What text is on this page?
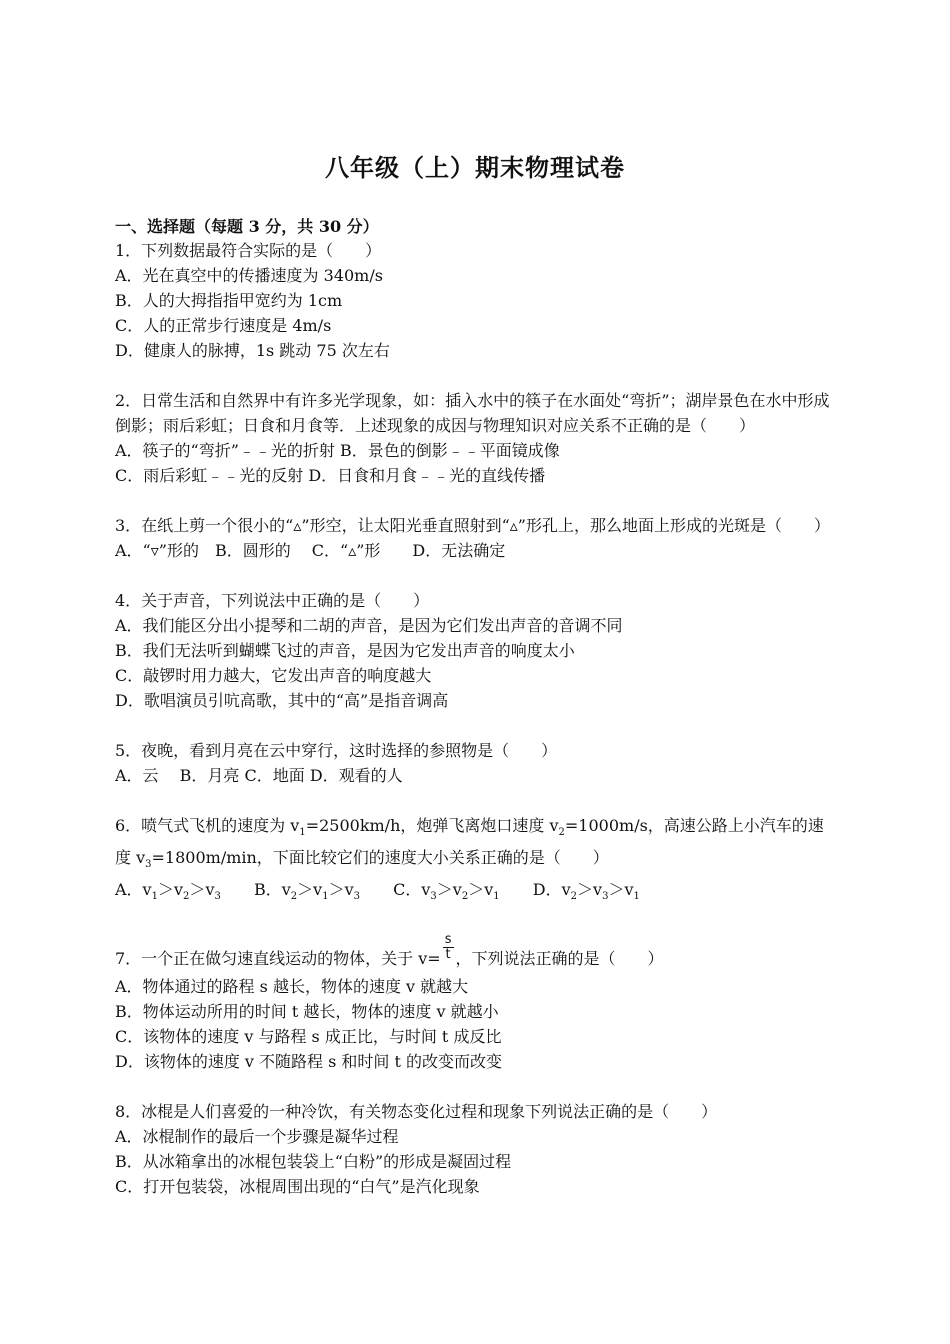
八年级（上）期末物理试卷
一、选择题（每题 3 分，共 30 分）
1．下列数据最符合实际的是（　　）
A．光在真空中的传播速度为 340m/s
B．人的大拇指指甲宽约为 1cm
C．人的正常步行速度是 4m/s
D．健康人的脉搏，1s 跳动 75 次左右
2．日常生活和自然界中有许多光学现象，如：插入水中的筷子在水面处“弯折”；湖岸景色在水中形成倒影；雨后彩虹；日食和月食等．上述现象的成因与物理知识对应关系不正确的是（　　）
A．筷子的“弯折”﹣﹣光的折射 B．景色的倒影﹣﹣平面镜成像
C．雨后彩虹﹣﹣光的反射 D．日食和月食﹣﹣光的直线传播
3．在纸上剪一个很小的“▵”形空，让太阳光垂直照射到“▵”形孔上，那么地面上形成的光斑是（　　）
A．“▿”形的　B．圆形的　 C．“▵”形　　D．无法确定
4．关于声音，下列说法中正确的是（　　）
A．我们能区分出小提琴和二胡的声音，是因为它们发出声音的音调不同
B．我们无法听到蝴蝶飞过的声音，是因为它发出声音的响度太小
C．敲锣时用力越大，它发出声音的响度越大
D．歌唱演员引吭高歌，其中的“高”是指音调高
5．夜晚，看到月亮在云中穿行，这时选择的参照物是（　　）
A．云　 B．月亮 C．地面 D．观看的人
6．喷气式飞机的速度为 $v_1=2500km/h$，炮弹飞离炮口速度 $v_2=1000m/s$，高速公路上小汽车的速度 $v_3=1800m/\min$，下面比较它们的速度大小关系正确的是（　　）
A．$v_1>v_2>v_3$ B．$v_2>v_1>v_3$ C．$v_3>v_2>v_1$ D．$v_2>v_3>v_1$
7．一个正在做匀速直线运动的物体，关于 $v= \frac{s}{t}$ ，下列说法正确的是（　　）
A．物体通过的路程 s 越长，物体的速度 v 就越大
B．物体运动所用的时间 t 越长，物体的速度 v 就越小
C．该物体的速度 v 与路程 s 成正比，与时间 t 成反比
D．该物体的速度 v 不随路程 s 和时间 t 的改变而改变
8．冰棍是人们喜爱的一种冷饮，有关物态变化过程和现象下列说法正确的是（　　）
A．冰棍制作的最后一个步骤是凝华过程
B．从冰箱拿出的冰棍包装袋上“白粉”的形成是凝固过程
C．打开包装袋，冰棍周围出现的“白气”是汽化现象
